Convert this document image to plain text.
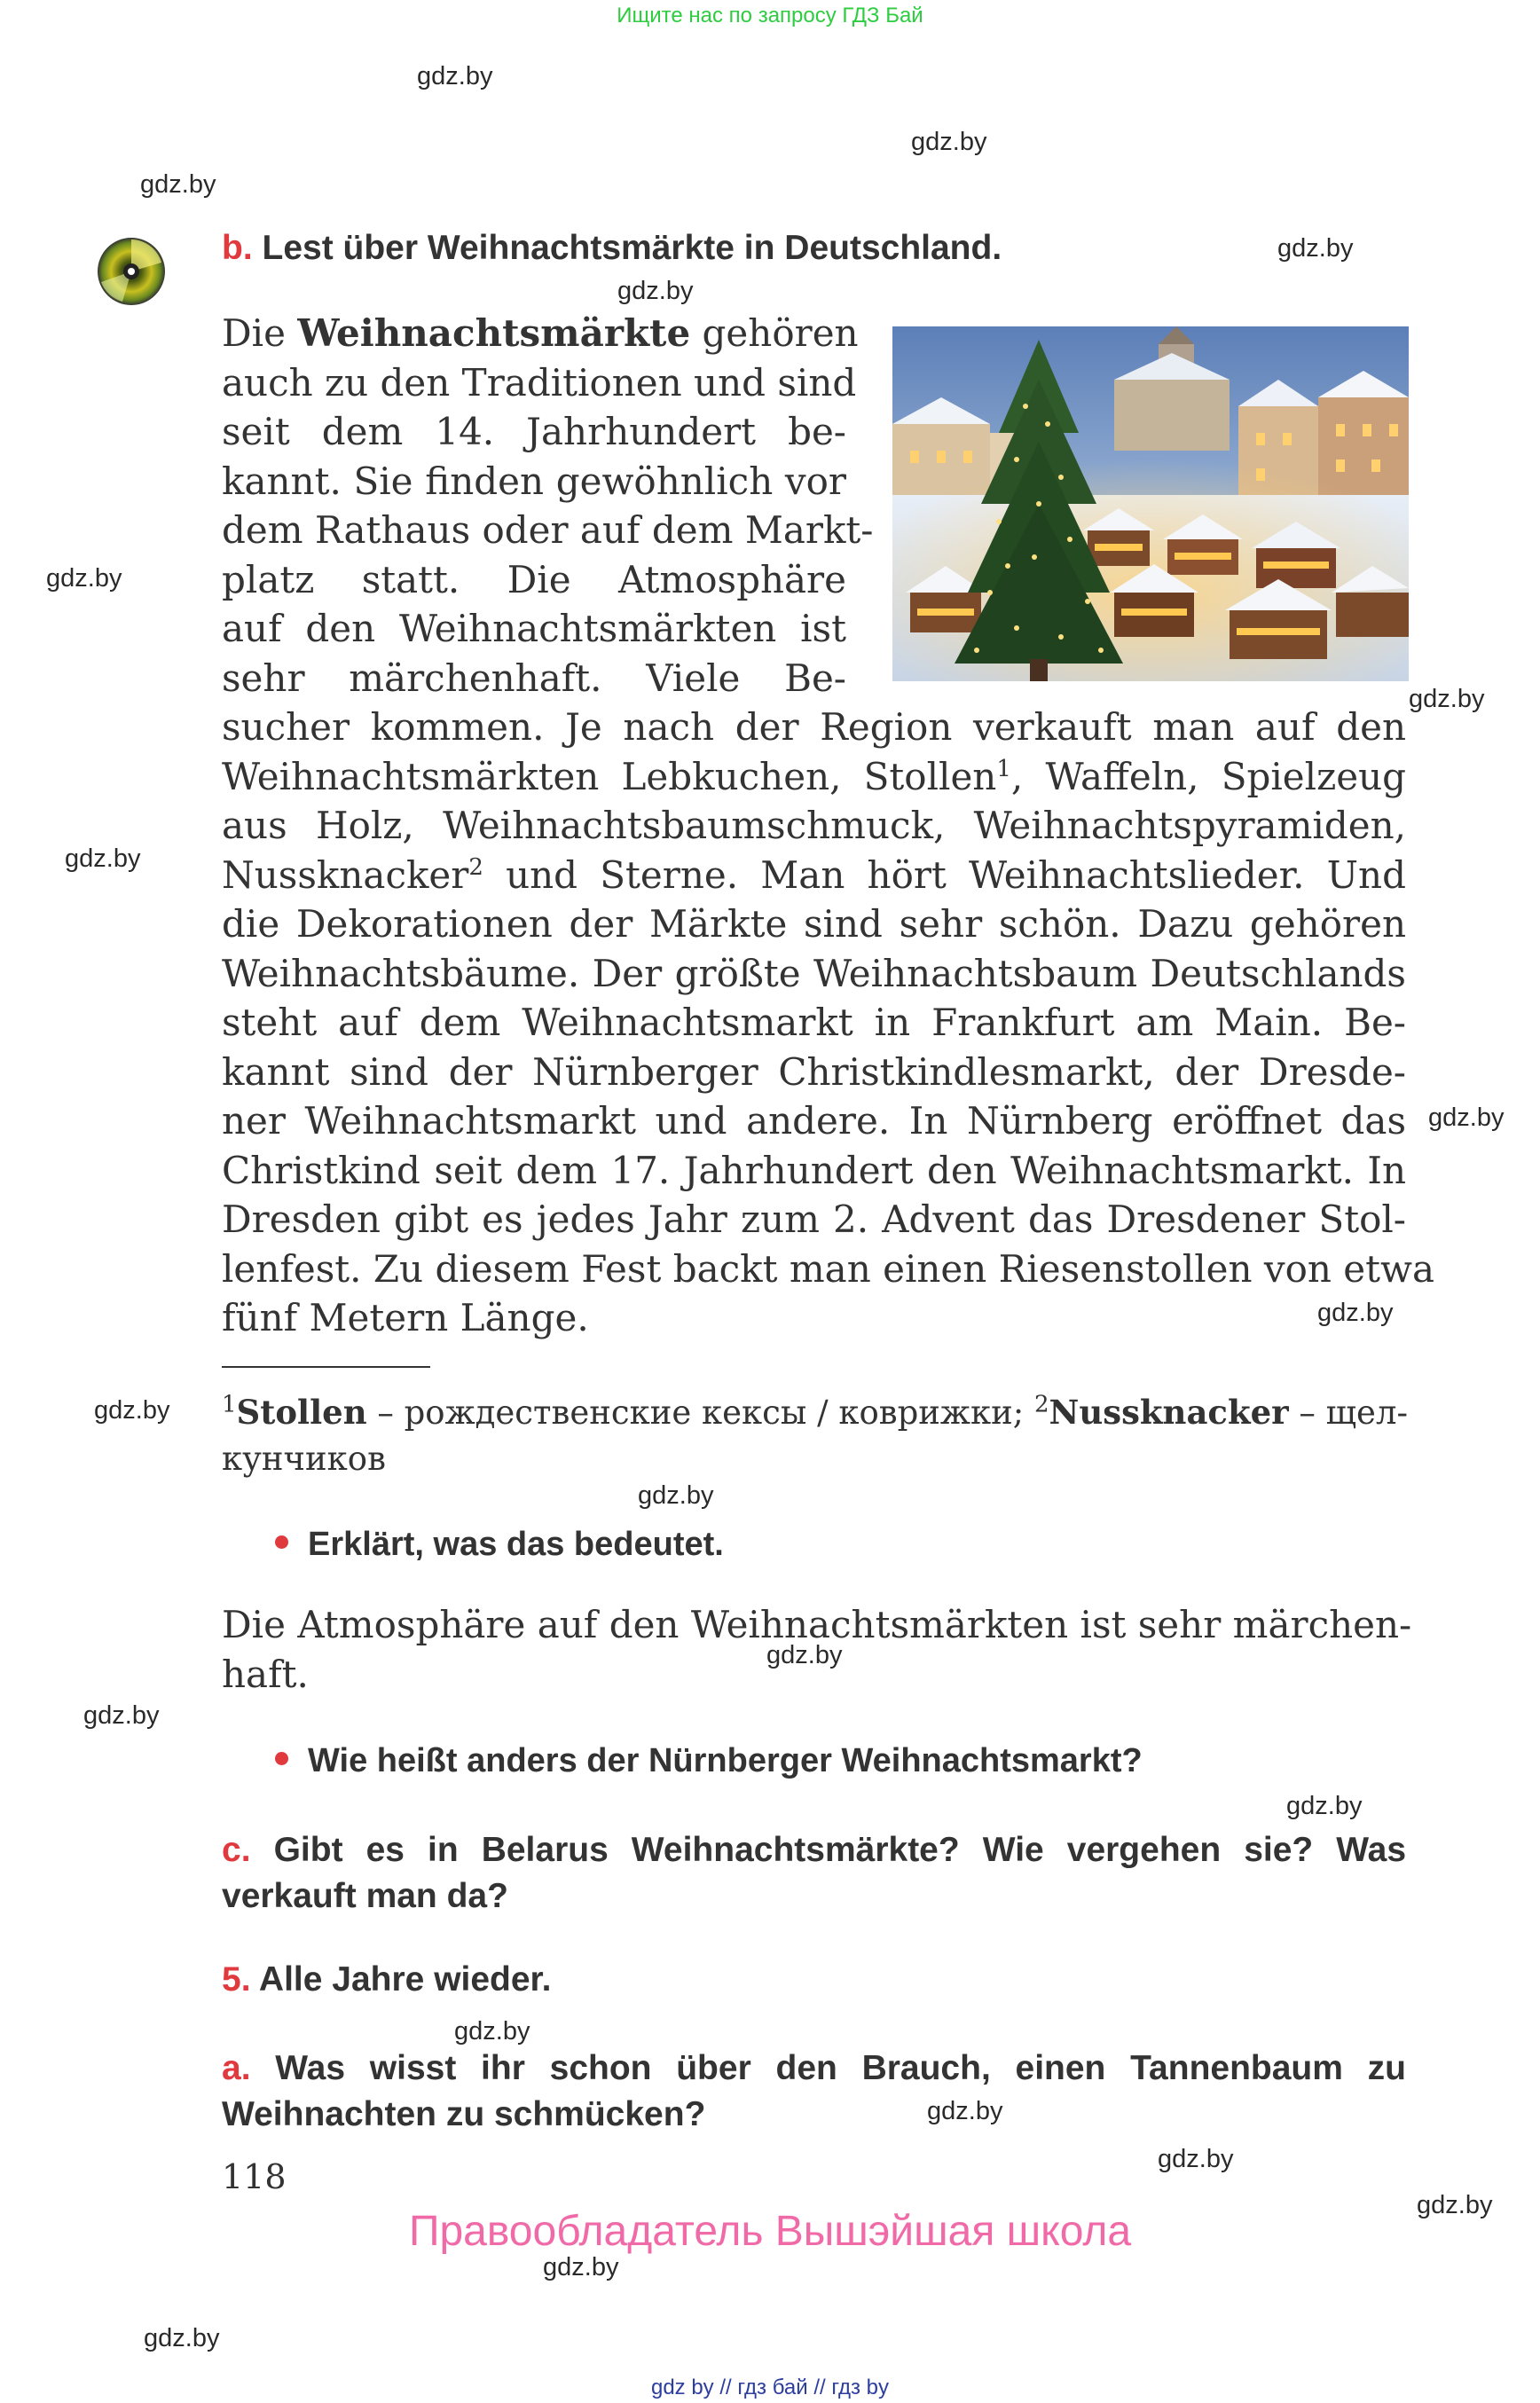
Ищите нас по запросу ГДЗ Бай
gdz.by
gdz.by
gdz.by
gdz.by
gdz.by
gdz.by
gdz.by
gdz.by
gdz.by
gdz.by
gdz.by
gdz.by
gdz.by
gdz.by
gdz.by
gdz.by
gdz.by
gdz.by
gdz.by
gdz.by
gdz.by
b. Lest über Weihnachtsmärkte in Deutschland.
Die Weihnachtsmärkte gehören
auch zu den Traditionen und sind
seit dem 14. Jahrhundert be-
kannt. Sie finden gewöhnlich vor
dem Rathaus oder auf dem Markt-
platz statt. Die Atmosphäre
auf den Weihnachtsmärkten ist
sehr märchenhaft. Viele Be-
sucher kommen. Je nach der Region verkauft man auf den
Weihnachtsmärkten Lebkuchen, Stollen$^1$, Waffeln, Spielzeug
aus Holz, Weihnachtsbaumschmuck, Weihnachtspyramiden,
Nussknacker$^2$ und Sterne. Man hört Weihnachtslieder. Und
die Dekorationen der Märkte sind sehr schön. Dazu gehören
Weihnachtsbäume. Der größte Weihnachtsbaum Deutschlands
steht auf dem Weihnachtsmarkt in Frankfurt am Main. Be-
kannt sind der Nürnberger Christkindlesmarkt, der Dresde-
ner Weihnachtsmarkt und andere. In Nürnberg eröffnet das
Christkind seit dem 17. Jahrhundert den Weihnachtsmarkt. In
Dresden gibt es jedes Jahr zum 2. Advent das Dresdener Stol-
lenfest. Zu diesem Fest backt man einen Riesenstollen von etwa
fünf Metern Länge.
$^1$Stollen – рождественские кексы / коврижки; $^2$Nussknacker – щел-
кунчиков
Erklärt, was das bedeutet.
Die Atmosphäre auf den Weihnachtsmärkten ist sehr märchen-
haft.
Wie heißt anders der Nürnberger Weihnachtsmarkt?
c. Gibt es in Belarus Weihnachtsmärkte? Wie vergehen sie? Was
verkauft man da?
5. Alle Jahre wieder.
a. Was wisst ihr schon über den Brauch, einen Tannenbaum zu
Weihnachten zu schmücken?
118
Правообладатель Вышэйшая школа
gdz by // гдз бай // гдз by
